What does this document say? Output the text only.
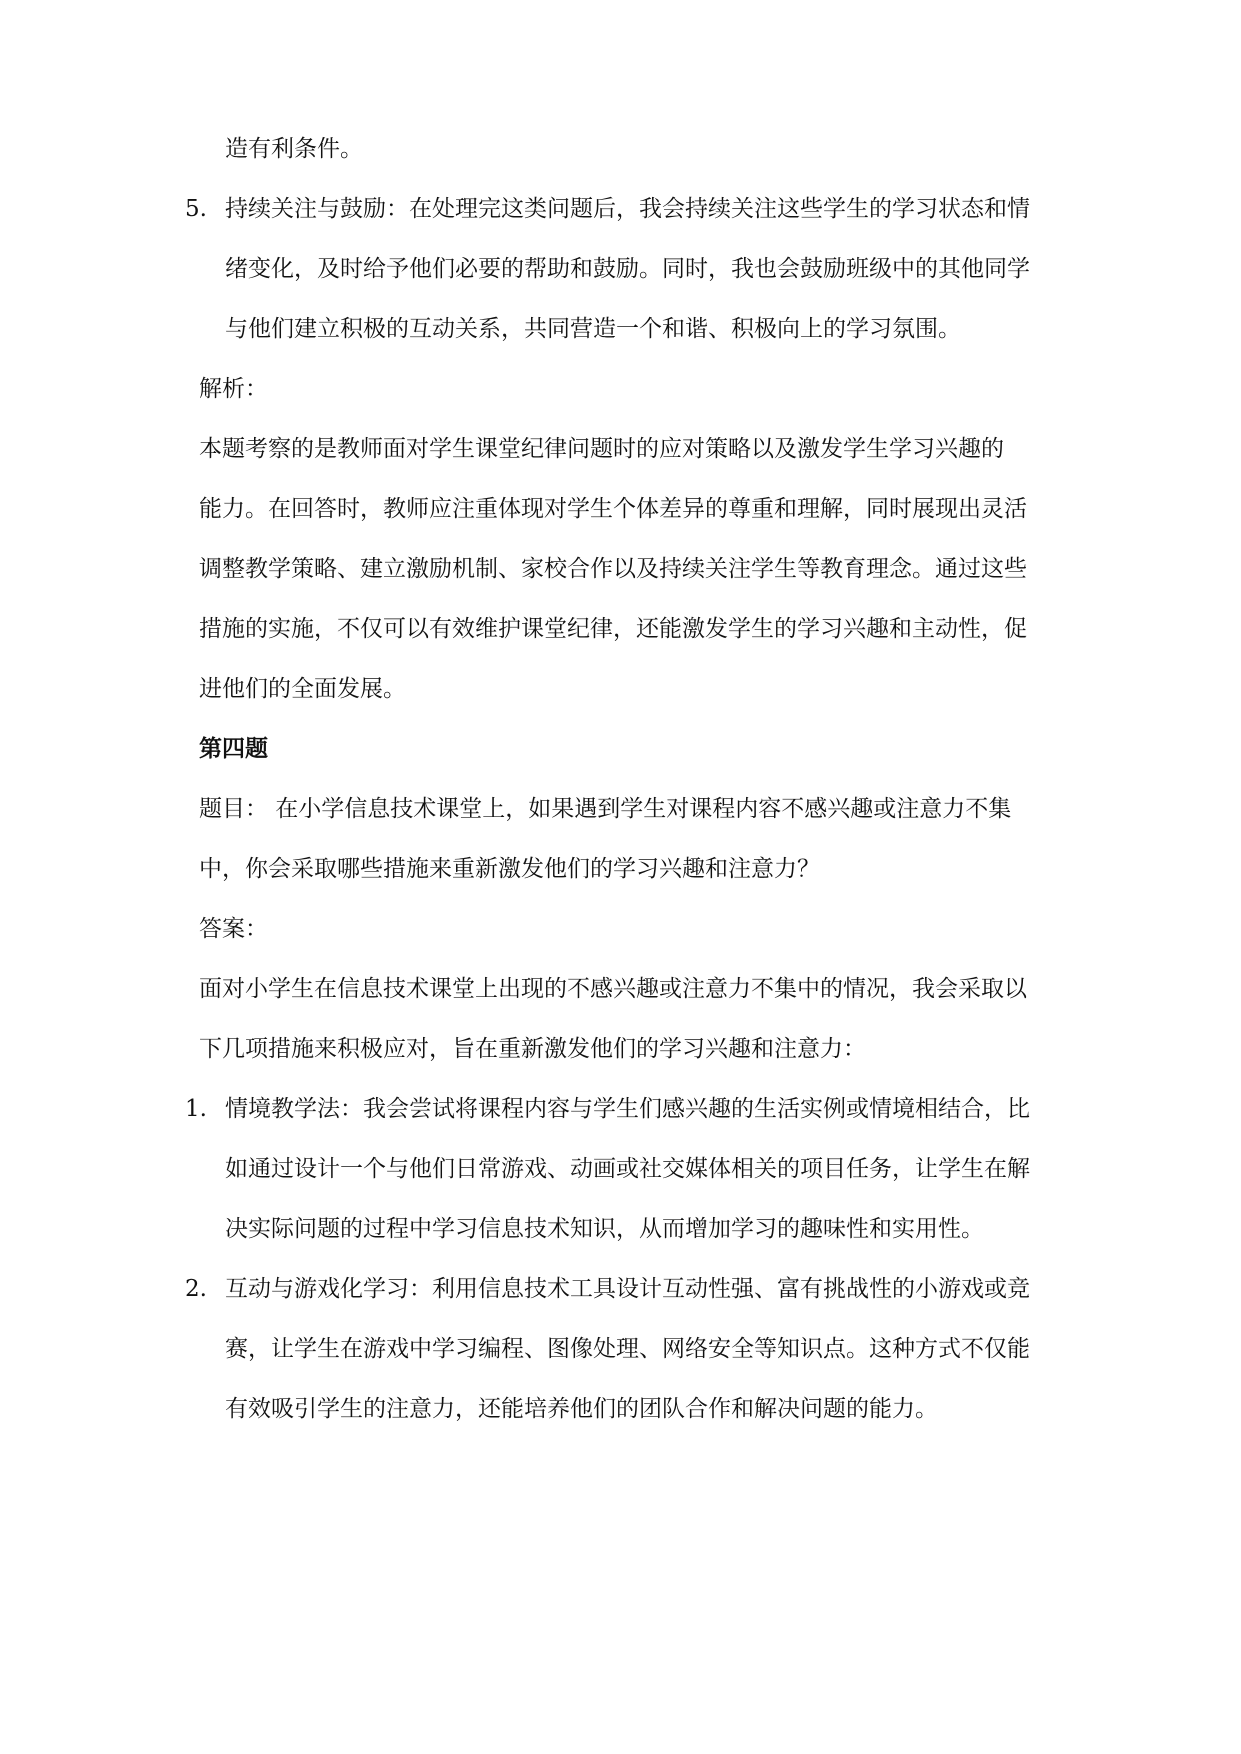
造有利条件。
5. 持续关注与鼓励：在处理完这类问题后，我会持续关注这些学生的学习状态和情
绪变化，及时给予他们必要的帮助和鼓励。同时，我也会鼓励班级中的其他同学
与他们建立积极的互动关系，共同营造一个和谐、积极向上的学习氛围。
解析：
本题考察的是教师面对学生课堂纪律问题时的应对策略以及激发学生学习兴趣的
能力。在回答时，教师应注重体现对学生个体差异的尊重和理解，同时展现出灵活
调整教学策略、建立激励机制、家校合作以及持续关注学生等教育理念。通过这些
措施的实施，不仅可以有效维护课堂纪律，还能激发学生的学习兴趣和主动性，促
进他们的全面发展。
第四题
题目： 在小学信息技术课堂上，如果遇到学生对课程内容不感兴趣或注意力不集
中，你会采取哪些措施来重新激发他们的学习兴趣和注意力？
答案：
面对小学生在信息技术课堂上出现的不感兴趣或注意力不集中的情况，我会采取以
下几项措施来积极应对，旨在重新激发他们的学习兴趣和注意力：
1. 情境教学法：我会尝试将课程内容与学生们感兴趣的生活实例或情境相结合，比
如通过设计一个与他们日常游戏、动画或社交媒体相关的项目任务，让学生在解
决实际问题的过程中学习信息技术知识，从而增加学习的趣味性和实用性。
2. 互动与游戏化学习：利用信息技术工具设计互动性强、富有挑战性的小游戏或竞
赛，让学生在游戏中学习编程、图像处理、网络安全等知识点。这种方式不仅能
有效吸引学生的注意力，还能培养他们的团队合作和解决问题的能力。
